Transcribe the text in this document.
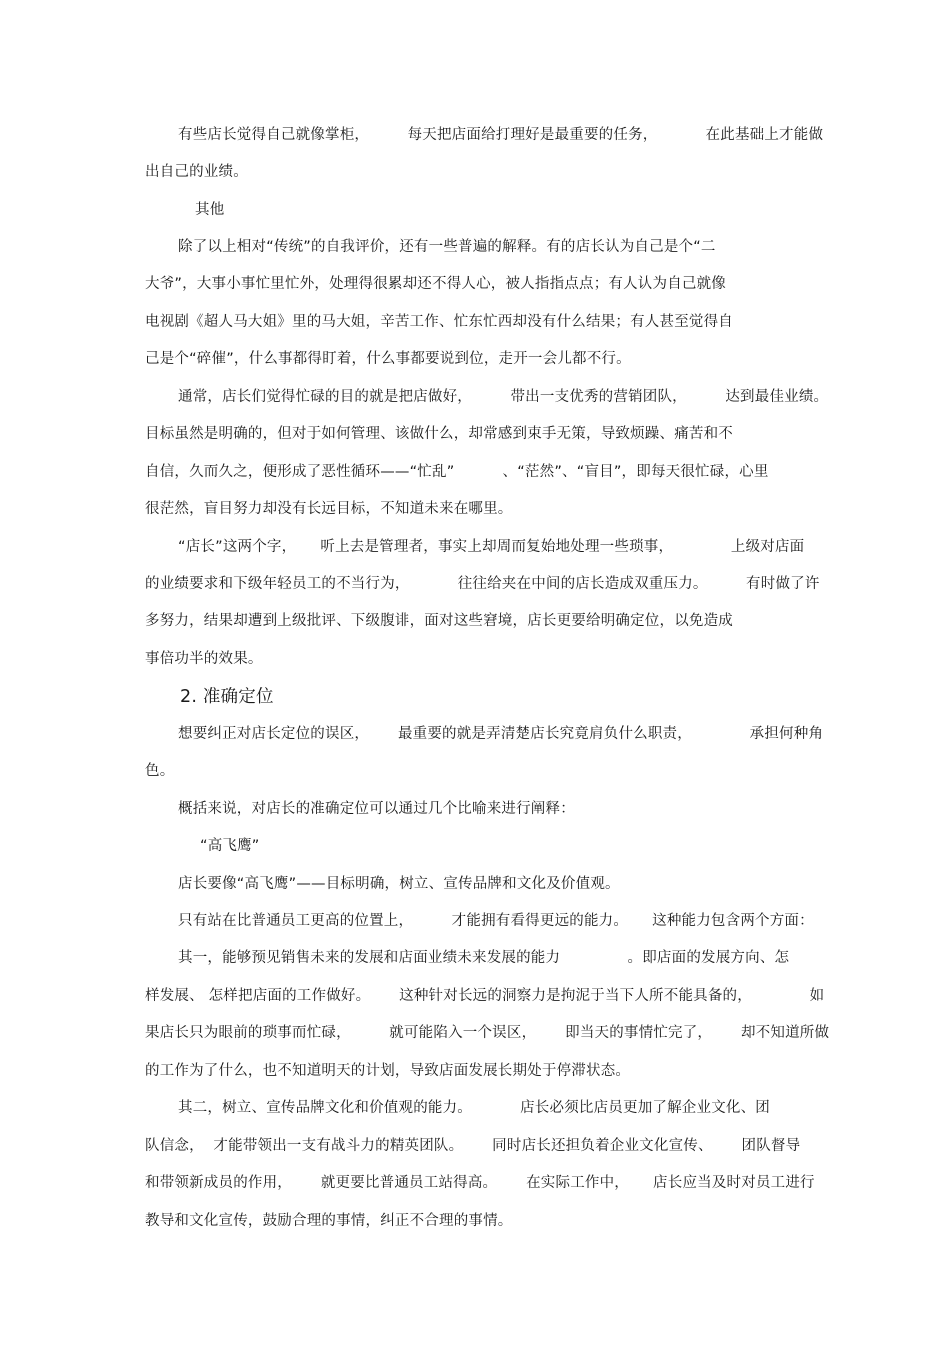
有些店长觉得自己就像掌柜，        每天把店面给打理好是最重要的任务，          在此基础上才能做
出自己的业绩。
其他
除了以上相对“传统”的自我评价，还有一些普遍的解释。有的店长认为自己是个“二
大爷”，大事小事忙里忙外，处理得很累却还不得人心，被人指指点点；有人认为自己就像
电视剧《超人马大姐》里的马大姐，辛苦工作、忙东忙西却没有什么结果；有人甚至觉得自
己是个“碎催”，什么事都得盯着，什么事都要说到位，走开一会儿都不行。
通常，店长们觉得忙碌的目的就是把店做好，        带出一支优秀的营销团队，        达到最佳业绩。
目标虽然是明确的，但对于如何管理、该做什么，却常感到束手无策，导致烦躁、痛苦和不
自信，久而久之，便形成了恶性循环——“忙乱”          、“茫然”、“盲目”，即每天很忙碌，心里
很茫然，盲目努力却没有长远目标，不知道未来在哪里。
“店长”这两个字，     听上去是管理者，事实上却周而复始地处理一些琐事，            上级对店面
的业绩要求和下级年轻员工的不当行为，          往往给夹在中间的店长造成双重压力。        有时做了许
多努力，结果却遭到上级批评、下级腹诽，面对这些窘境，店长更要给明确定位，以免造成
事倍功半的效果。
2. 准确定位
想要纠正对店长定位的误区，      最重要的就是弄清楚店长究竟肩负什么职责，            承担何种角
色。
概括来说，对店长的准确定位可以通过几个比喻来进行阐释：
“高飞鹰”
店长要像“高飞鹰”——目标明确，树立、宣传品牌和文化及价值观。
只有站在比普通员工更高的位置上，        才能拥有看得更远的能力。     这种能力包含两个方面：
其一，能够预见销售未来的发展和店面业绩未来发展的能力              。即店面的发展方向、怎
样发展、 怎样把店面的工作做好。      这种针对长远的洞察力是拘泥于当下人所不能具备的，            如
果店长只为眼前的琐事而忙碌，        就可能陷入一个误区，      即当天的事情忙完了，      却不知道所做
的工作为了什么，也不知道明天的计划，导致店面发展长期处于停滞状态。
其二，树立、宣传品牌文化和价值观的能力。          店长必须比店员更加了解企业文化、团
队信念，  才能带领出一支有战斗力的精英团队。      同时店长还担负着企业文化宣传、      团队督导
和带领新成员的作用，      就更要比普通员工站得高。      在实际工作中，     店长应当及时对员工进行
教导和文化宣传，鼓励合理的事情，纠正不合理的事情。
